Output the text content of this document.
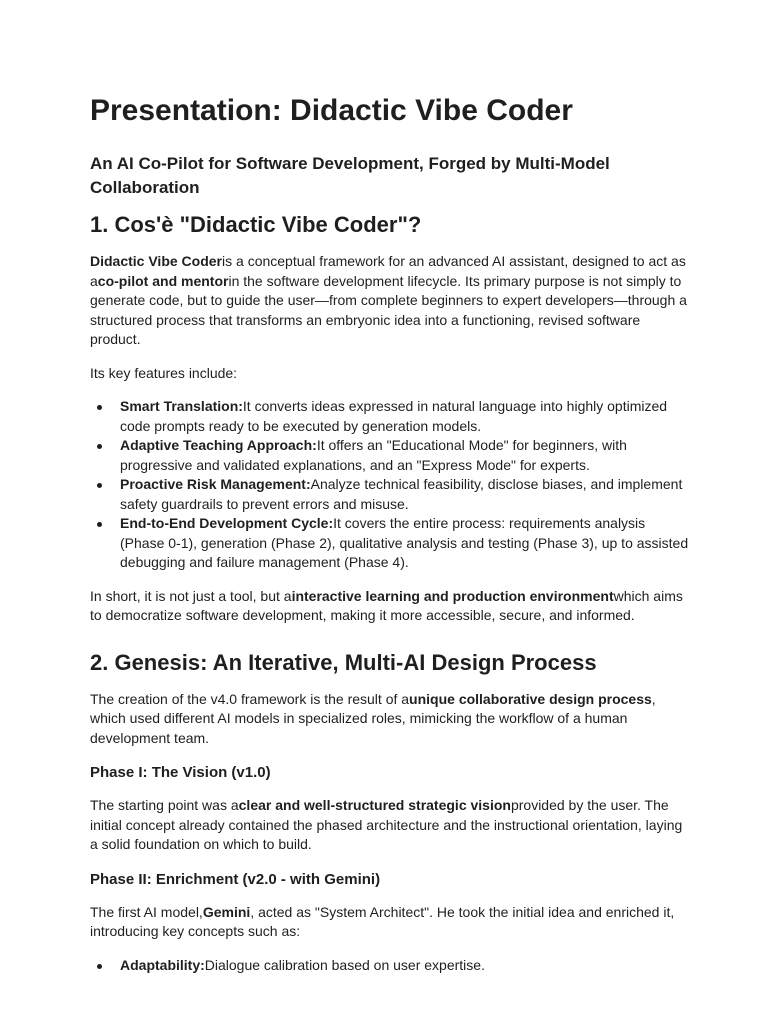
Presentation: Didactic Vibe Coder

An AI Co-Pilot for Software Development, Forged by Multi-Model Collaboration

1. Cos'è "Didactic Vibe Coder"?

Didactic Vibe Coderis a conceptual framework for an advanced AI assistant, designed to act as aco-pilot and mentorin the software development lifecycle. Its primary purpose is not simply to generate code, but to guide the user—from complete beginners to expert developers—through a structured process that transforms an embryonic idea into a functioning, revised software product.

Its key features include:

Smart Translation:It converts ideas expressed in natural language into highly optimized code prompts ready to be executed by generation models.
Adaptive Teaching Approach:It offers an "Educational Mode" for beginners, with progressive and validated explanations, and an "Express Mode" for experts.
Proactive Risk Management:Analyze technical feasibility, disclose biases, and implement safety guardrails to prevent errors and misuse.
End-to-End Development Cycle:It covers the entire process: requirements analysis (Phase 0-1), generation (Phase 2), qualitative analysis and testing (Phase 3), up to assisted debugging and failure management (Phase 4).

In short, it is not just a tool, but ainteractive learning and production environmentwhich aims to democratize software development, making it more accessible, secure, and informed.

2. Genesis: An Iterative, Multi-AI Design Process

The creation of the v4.0 framework is the result of aunique collaborative design process, which used different AI models in specialized roles, mimicking the workflow of a human development team.

Phase I: The Vision (v1.0)

The starting point was aclear and well-structured strategic visionprovided by the user. The initial concept already contained the phased architecture and the instructional orientation, laying a solid foundation on which to build.

Phase II: Enrichment (v2.0 - with Gemini)

The first AI model,Gemini, acted as "System Architect". He took the initial idea and enriched it, introducing key concepts such as:

Adaptability:Dialogue calibration based on user expertise.
